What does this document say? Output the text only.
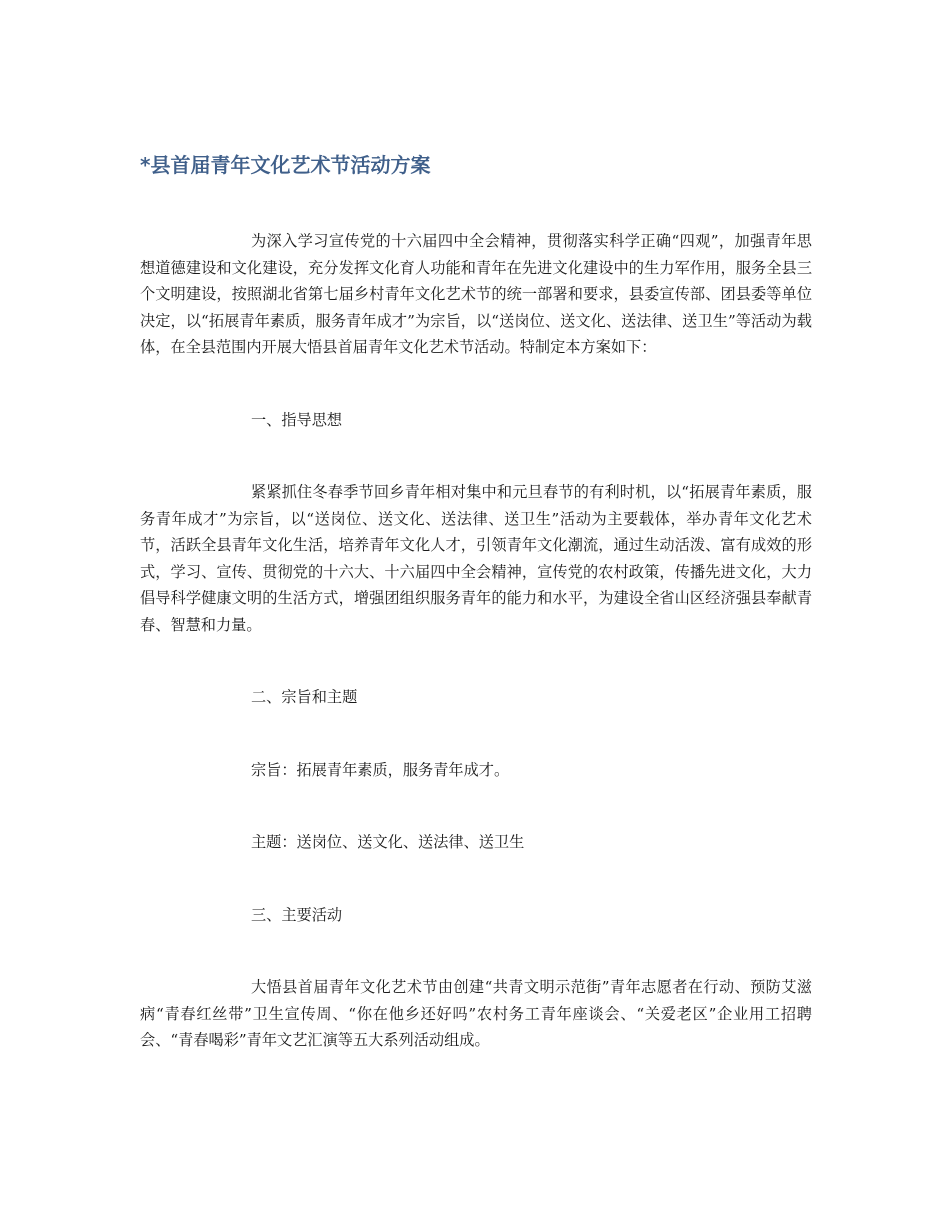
*县首届青年文化艺术节活动方案

为深入学习宣传党的十六届四中全会精神，贯彻落实科学正确“四观”，加强青年思想道德建设和文化建设，充分发挥文化育人功能和青年在先进文化建设中的生力军作用，服务全县三个文明建设，按照湖北省第七届乡村青年文化艺术节的统一部署和要求，县委宣传部、团县委等单位决定，以“拓展青年素质，服务青年成才”为宗旨，以“送岗位、送文化、送法律、送卫生”等活动为载体，在全县范围内开展大悟县首届青年文化艺术节活动。特制定本方案如下：

一、指导思想

紧紧抓住冬春季节回乡青年相对集中和元旦春节的有利时机，以“拓展青年素质，服务青年成才”为宗旨，以“送岗位、送文化、送法律、送卫生”活动为主要载体，举办青年文化艺术节，活跃全县青年文化生活，培养青年文化人才，引领青年文化潮流，通过生动活泼、富有成效的形式，学习、宣传、贯彻党的十六大、十六届四中全会精神，宣传党的农村政策，传播先进文化，大力倡导科学健康文明的生活方式，增强团组织服务青年的能力和水平，为建设全省山区经济强县奉献青春、智慧和力量。

二、宗旨和主题

宗旨：拓展青年素质，服务青年成才。

主题：送岗位、送文化、送法律、送卫生

三、主要活动

大悟县首届青年文化艺术节由创建“共青文明示范街”青年志愿者在行动、预防艾滋病“青春红丝带”卫生宣传周、“你在他乡还好吗”农村务工青年座谈会、“关爱老区”企业用工招聘会、“青春喝彩”青年文艺汇演等五大系列活动组成。
